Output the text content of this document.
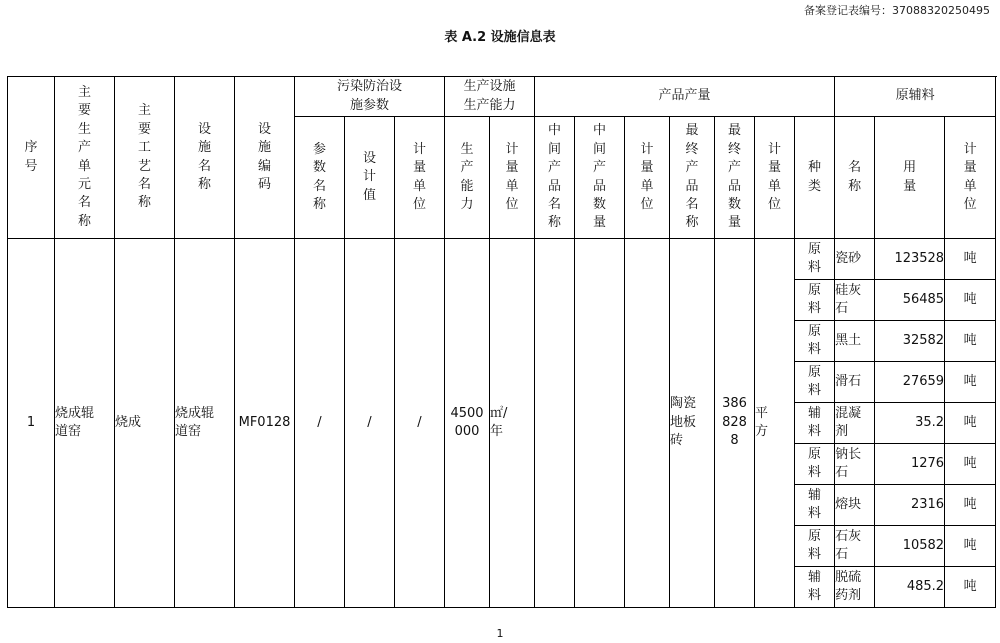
备案登记表编号：37088320250495
表 A.2 设施信息表
序号	主要生产单元名称	主要工艺名称	设施名称	设施编码	污染防治设施参数			生产设施生产能力		产品产量							原辅料		

					参数名称	设计值	计量单位	生产能力	计量单位	中间产品名称	中间产品数量	计量单位	最终产品名称	最终产品数量	计量单位	种类	名称	用量	计量单位

1	烧成辊道窑	烧成	烧成辊道窑	MF0128	/	/	/	4500000	㎡/年				陶瓷地板砖	3868288	平方	原料	瓷砂	123528	吨

																原料	硅灰石	56485	吨

																原料	黑土	32582	吨

																原料	滑石	27659	吨

																辅料	混凝剂	35.2	吨

																原料	钠长石	1276	吨

																辅料	熔块	2316	吨

																原料	石灰石	10582	吨

																辅料	脱硫药剂	485.2	吨
1
